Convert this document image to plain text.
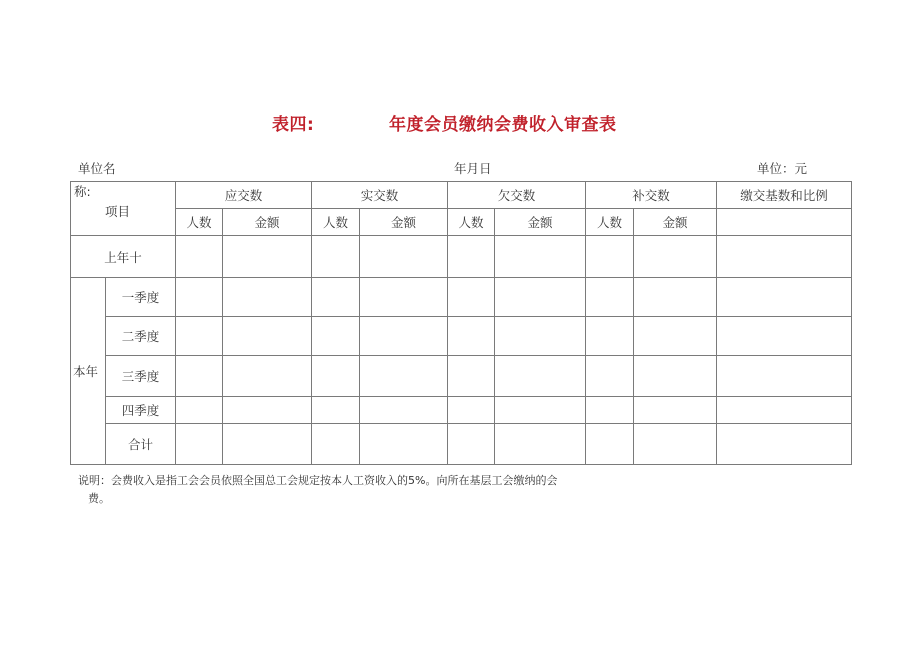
表四:	年度会员缴纳会费收入审查表
单位名	年月日	单位：元
称:
项目		应交数		实交数		欠交数		补交数		缴交基数和比例
		人数	金额	人数	金额	人数	金额	人数	金额	
上年十										
本年	一季度									
	二季度									
	三季度									
	四季度									
	合计									
说明：会费收入是指工会会员依照全国总工会规定按本人工资收入的5%。向所在基层工会缴纳的会
费。
